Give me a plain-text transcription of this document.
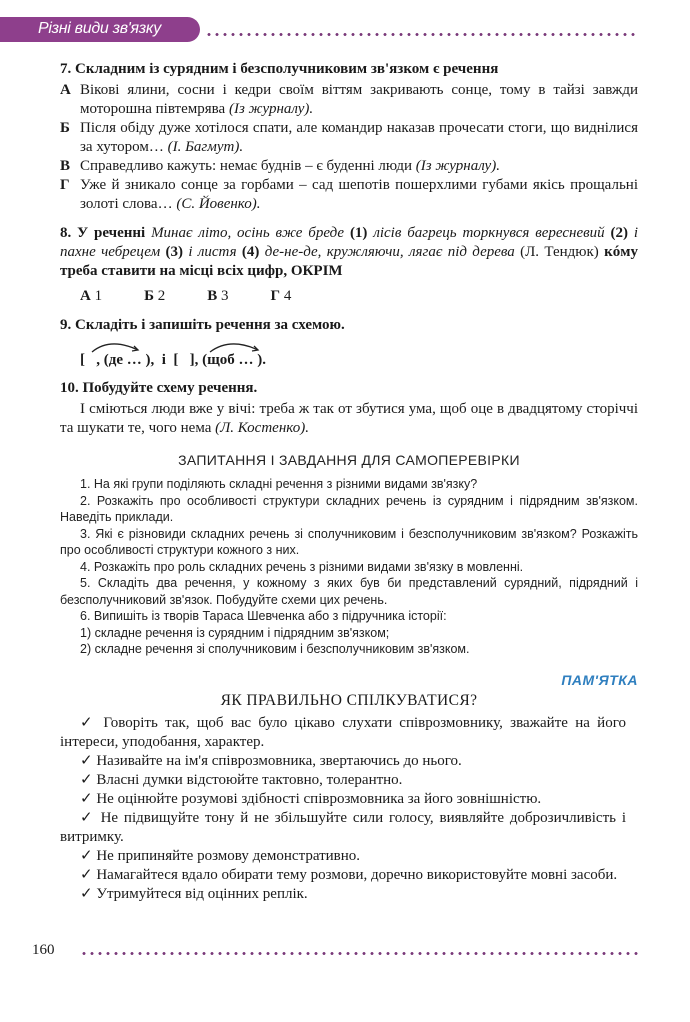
Різні види зв'язку
7. Складним із сурядним і безсполучниковим зв'язком є речення
А Вікові ялини, сосни і кедри своїм віттям закривають сонце, тому в тайзі завжди моторошна півтемрява (Із журналу).
Б Після обіду дуже хотілося спати, але командир наказав прочесати стоги, що виднілися за хутором… (І. Багмут).
В Справедливо кажуть: немає буднів – є буденні люди (Із журналу).
Г Уже й зникало сонце за горбами – сад шепотів пошерхлими губами якісь прощальні золоті слова… (С. Йовенко).
8. У реченні Минає літо, осінь вже бреде (1) лісів багрець торкнувся вересневий (2) і пахне чебрецем (3) і листя (4) де-не-де, кружляючи, лягає під дерева (Л. Тендюк) кóму треба ставити на місці всіх цифр, ОКРІМ
А 1	Б 2	В 3	Г 4
9. Складіть і запишіть речення за схемою.
[   , (де … ),  і  [   ], (щоб … ).
10. Побудуйте схему речення.
І сміються люди вже у вічі: треба ж так от збутися ума, щоб оце в двадцятому сторіччі та шукати те, чого нема (Л. Костенко).
ЗАПИТАННЯ І ЗАВДАННЯ ДЛЯ САМОПЕРЕВІРКИ
1. На які групи поділяють складні речення з різними видами зв'язку?
2. Розкажіть про особливості структури складних речень із сурядним і підрядним зв'язком. Наведіть приклади.
3. Які є різновиди складних речень зі сполучниковим і безсполучниковим зв'язком? Розкажіть про особливості структури кожного з них.
4. Розкажіть про роль складних речень з різними видами зв'язку в мовленні.
5. Складіть два речення, у кожному з яких був би представлений сурядний, підрядний і безсполучниковий зв'язок. Побудуйте схеми цих речень.
6. Випишіть із творів Тараса Шевченка або з підручника історії:
1) складне речення із сурядним і підрядним зв'язком;
2) складне речення зі сполучниковим і безсполучниковим зв'язком.
ПАМ'ЯТКА
ЯК ПРАВИЛЬНО СПІЛКУВАТИСЯ?
✓ Говоріть так, щоб вас було цікаво слухати співрозмовнику, зважайте на його інтереси, уподобання, характер.
✓ Називайте на ім'я співрозмовника, звертаючись до нього.
✓ Власні думки відстоюйте тактовно, толерантно.
✓ Не оцінюйте розумові здібності співрозмовника за його зовнішністю.
✓ Не підвищуйте тону й не збільшуйте сили голосу, виявляйте доброзичливість і витримку.
✓ Не припиняйте розмову демонстративно.
✓ Намагайтеся вдало обирати тему розмови, доречно використовуйте мовні засоби.
✓ Утримуйтеся від оцінних реплік.
160
